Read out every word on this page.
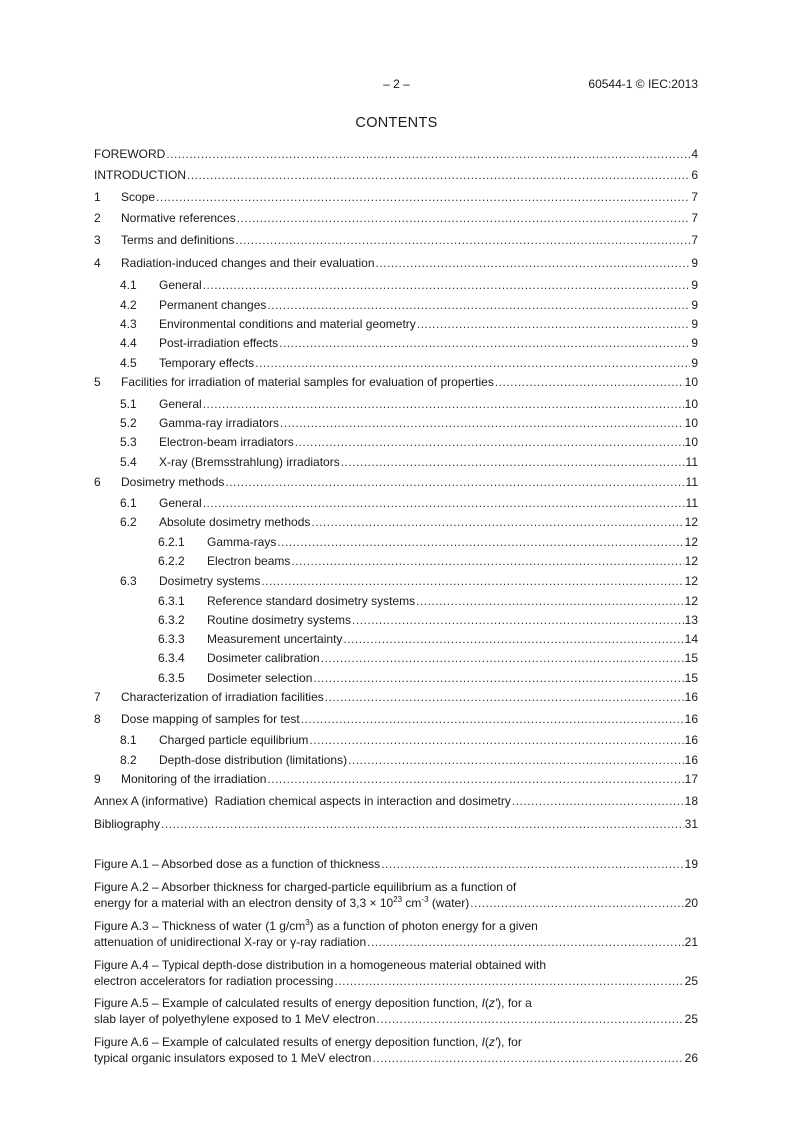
– 2 –	60544-1 © IEC:2013
CONTENTS
FOREWORD .....	4
INTRODUCTION .....	6
1	Scope .....	7
2	Normative references .....	7
3	Terms and definitions .....	7
4	Radiation-induced changes and their evaluation .....	9
4.1	General .....	9
4.2	Permanent changes .....	9
4.3	Environmental conditions and material geometry .....	9
4.4	Post-irradiation effects .....	9
4.5	Temporary effects .....	9
5	Facilities for irradiation of material samples for evaluation of properties .....	10
5.1	General .....	10
5.2	Gamma-ray irradiators .....	10
5.3	Electron-beam irradiators .....	10
5.4	X-ray (Bremsstrahlung) irradiators .....	11
6	Dosimetry methods .....	11
6.1	General .....	11
6.2	Absolute dosimetry methods .....	12
6.2.1	Gamma-rays .....	12
6.2.2	Electron beams .....	12
6.3	Dosimetry systems .....	12
6.3.1	Reference standard dosimetry systems .....	12
6.3.2	Routine dosimetry systems .....	13
6.3.3	Measurement uncertainty .....	14
6.3.4	Dosimeter calibration .....	15
6.3.5	Dosimeter selection .....	15
7	Characterization of irradiation facilities .....	16
8	Dose mapping of samples for test .....	16
8.1	Charged particle equilibrium .....	16
8.2	Depth-dose distribution (limitations) .....	16
9	Monitoring of the irradiation .....	17
Annex A (informative)  Radiation chemical aspects in interaction and dosimetry .....	18
Bibliography .....	31
Figure A.1 – Absorbed dose as a function of thickness .....	19
Figure A.2 – Absorber thickness for charged-particle equilibrium as a function of
energy for a material with an electron density of $3,3 \times 10^{23}$ $cm^{-3}$ (water) .....	20
Figure A.3 – Thickness of water (1 $g/cm^3$) as a function of photon energy for a given
attenuation of unidirectional X-ray or γ-ray radiation .....	21
Figure A.4 – Typical depth-dose distribution in a homogeneous material obtained with
electron accelerators for radiation processing .....	25
Figure A.5 – Example of calculated results of energy deposition function, I(z′), for a
slab layer of polyethylene exposed to 1 MeV electron .....	25
Figure A.6 – Example of calculated results of energy deposition function, I(z′), for
typical organic insulators exposed to 1 MeV electron .....	26
